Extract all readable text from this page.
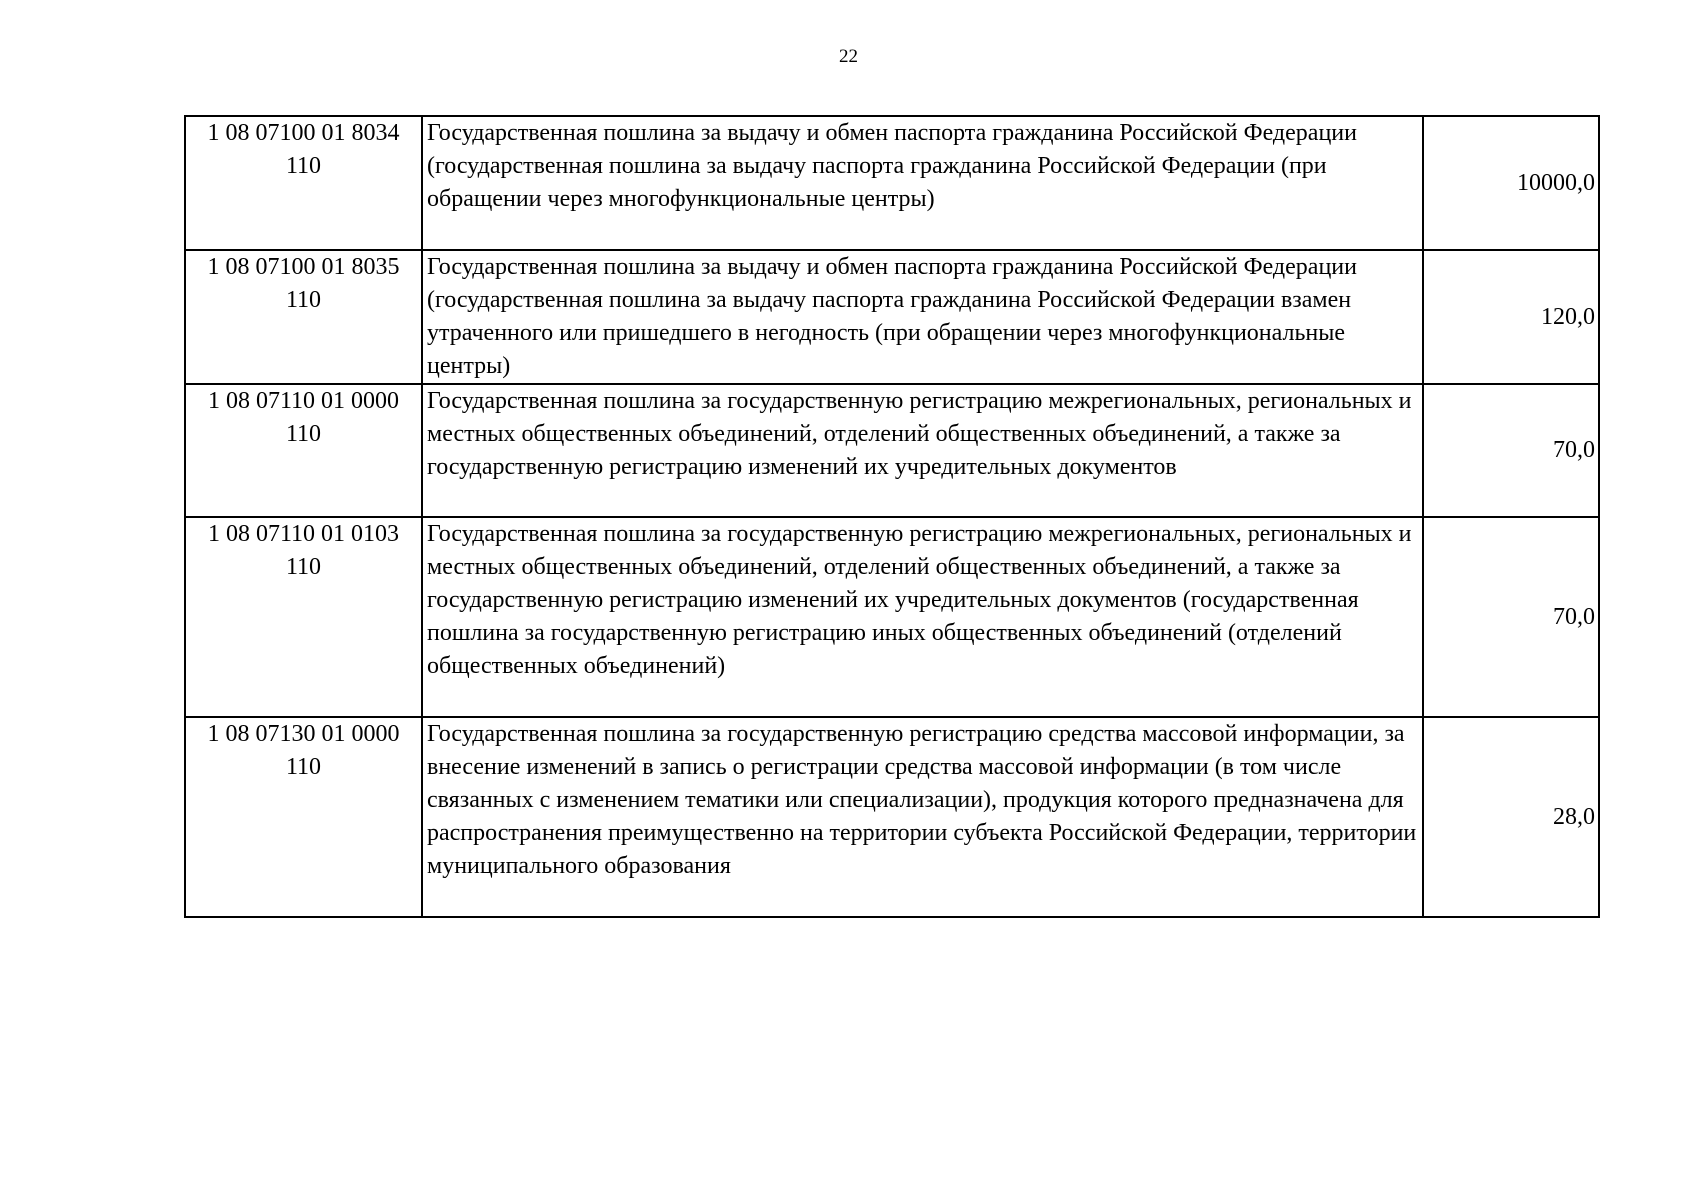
22
1 08 07100 01 8034
110	Государственная пошлина за выдачу и обмен паспорта гражданина Российской Федерации (государственная пошлина за выдачу паспорта гражданина Российской Федерации (при обращении через многофункциональные центры)	10000,0

1 08 07100 01 8035
110	Государственная пошлина за выдачу и обмен паспорта гражданина Российской Федерации (государственная пошлина за выдачу паспорта гражданина Российской Федерации взамен утраченного или пришедшего в негодность (при обращении через многофункциональные центры)	120,0

1 08 07110 01 0000
110	Государственная пошлина за государственную регистрацию межрегиональных, региональных и местных общественных объединений, отделений общественных объединений, а также за государственную регистрацию изменений их учредительных документов	70,0

1 08 07110 01 0103
110	Государственная пошлина за государственную регистрацию межрегиональных, региональных и местных общественных объединений, отделений общественных объединений, а также за государственную регистрацию изменений их учредительных документов (государственная пошлина за государственную регистрацию иных общественных объединений (отделений общественных объединений)	70,0

1 08 07130 01 0000
110	Государственная пошлина за государственную регистрацию средства массовой информации, за внесение изменений в запись о регистрации средства массовой информации (в том числе связанных с изменением тематики или специализации), продукция которого предназначена для распространения преимущественно на территории субъекта Российской Федерации, территории муниципального образования	28,0
